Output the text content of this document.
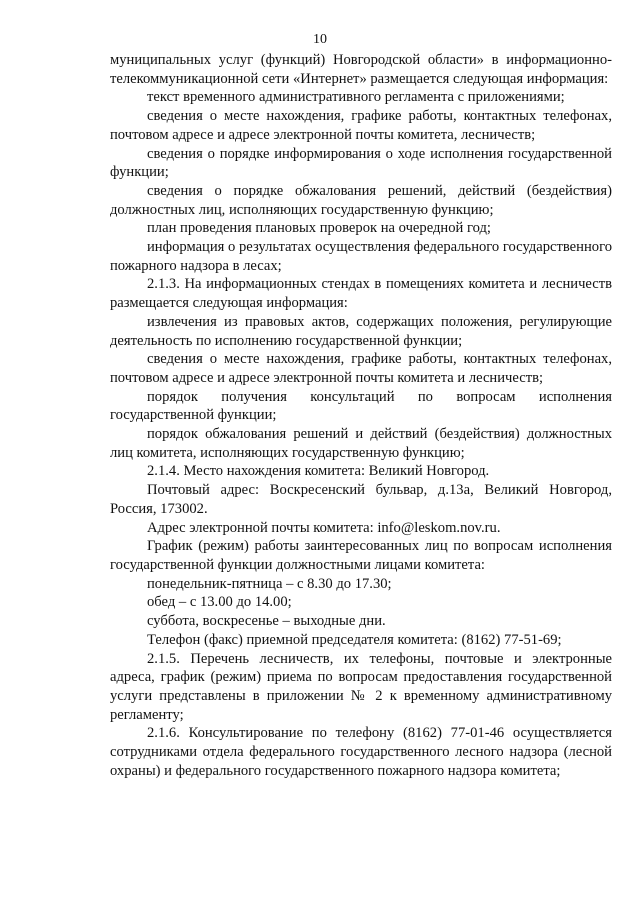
10

муниципальных услуг (функций) Новгородской области» в информационно-телекоммуникационной сети «Интернет» размещается следующая информация:

текст временного административного регламента с приложениями;

сведения о месте нахождения, графике работы, контактных телефонах, почтовом адресе и адресе электронной почты комитета, лесничеств;

сведения о порядке информирования о ходе исполнения государственной функции;

сведения о порядке обжалования решений, действий (бездействия) должностных лиц, исполняющих государственную функцию;

план проведения плановых проверок на очередной год;

информация о результатах осуществления федерального государственного пожарного надзора в лесах;

2.1.3. На информационных стендах в помещениях комитета и лесничеств размещается следующая информация:

извлечения из правовых актов, содержащих положения, регулирующие деятельность по исполнению государственной функции;

сведения о месте нахождения, графике работы, контактных телефонах, почтовом адресе и адресе электронной почты комитета и лесничеств;

порядок получения консультаций по вопросам исполнения государственной функции;

порядок обжалования решений и действий (бездействия) должностных лиц комитета, исполняющих государственную функцию;

2.1.4. Место нахождения комитета: Великий Новгород.

Почтовый адрес: Воскресенский бульвар, д.13а, Великий Новгород, Россия, 173002.

Адрес электронной почты комитета: info@leskom.nov.ru.

График (режим) работы заинтересованных лиц по вопросам исполнения государственной функции должностными лицами комитета:

понедельник-пятница – с 8.30 до 17.30;

обед – с 13.00 до 14.00;

суббота, воскресенье – выходные дни.

Телефон (факс) приемной председателя комитета: (8162) 77-51-69;

2.1.5. Перечень лесничеств, их телефоны, почтовые и электронные адреса, график (режим) приема по вопросам предоставления государственной услуги представлены в приложении № 2 к временному административному регламенту;

2.1.6. Консультирование по телефону (8162) 77-01-46 осуществляется сотрудниками отдела федерального государственного лесного надзора (лесной охраны) и федерального государственного пожарного надзора комитета;
